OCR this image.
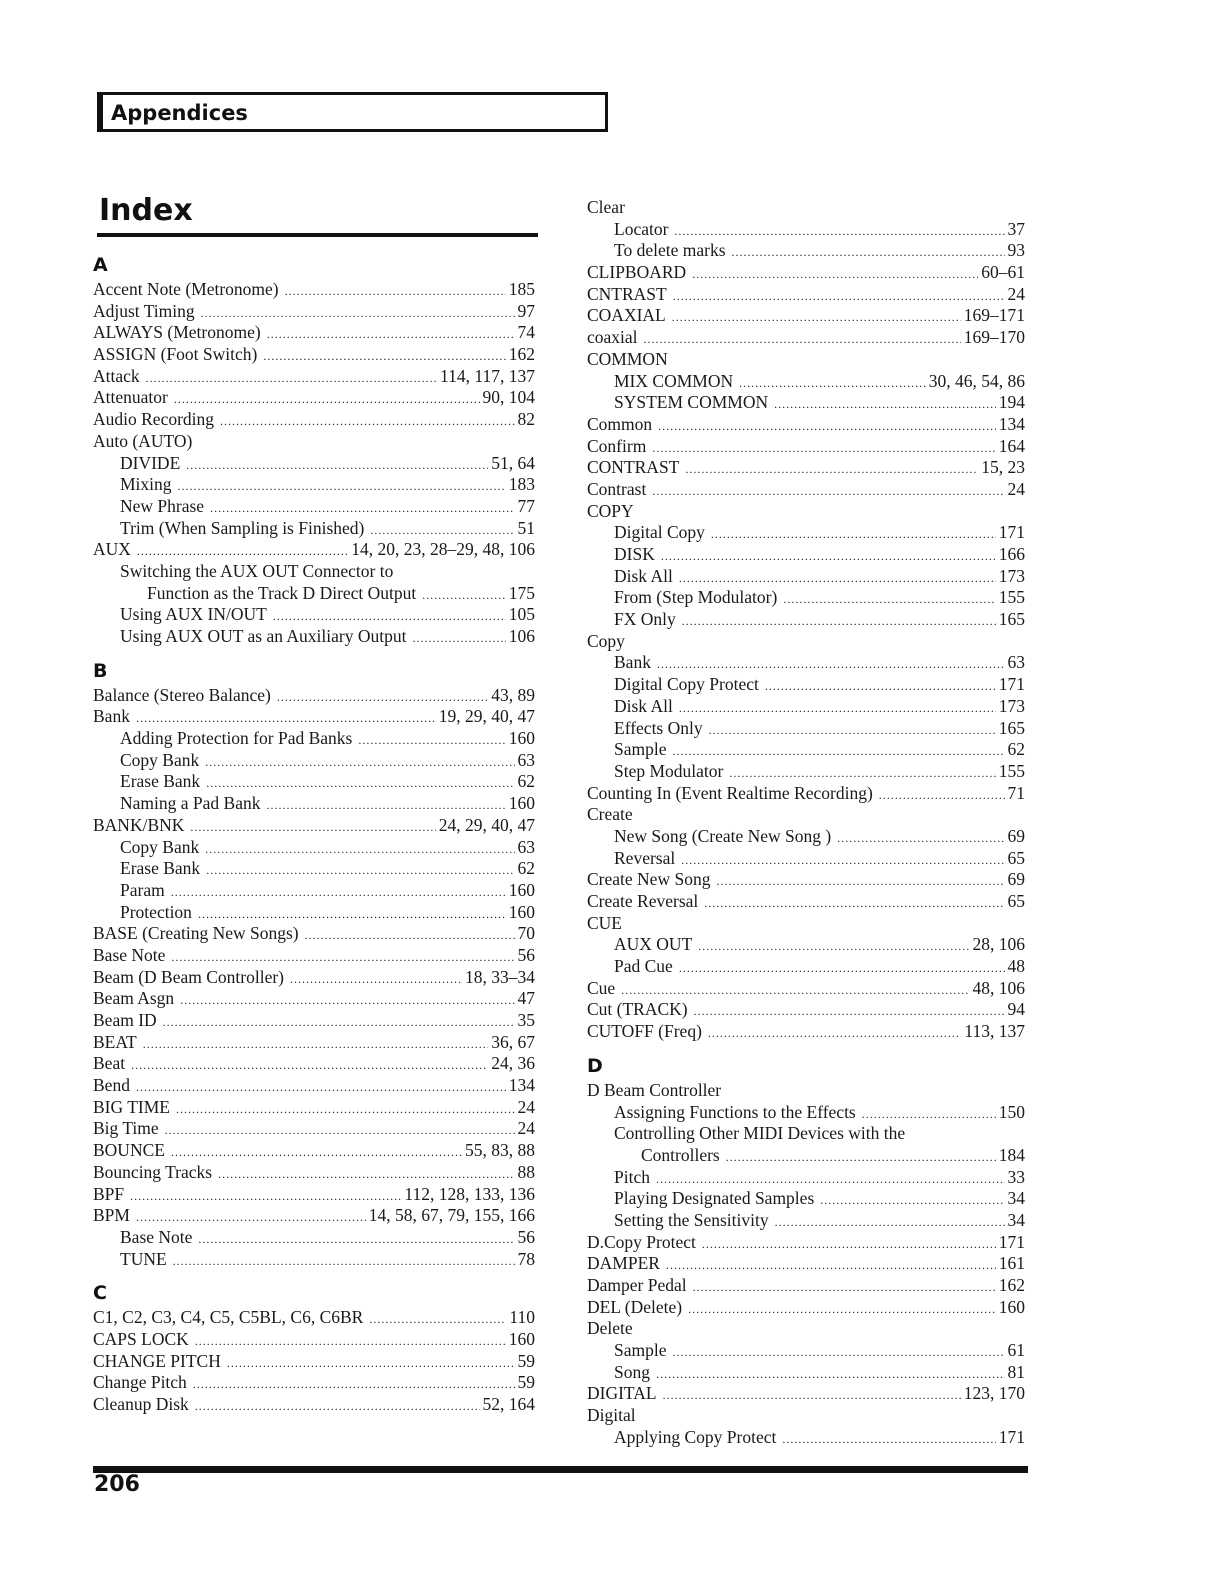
Appendices
Index
A
Accent Note (Metronome) .....	185
Adjust Timing .....	97
ALWAYS (Metronome) .....	74
ASSIGN (Foot Switch) .....	162
Attack .....	114, 117, 137
Attenuator .....	90, 104
Audio Recording .....	82
Auto (AUTO)
DIVIDE .....	51, 64
Mixing .....	183
New Phrase .....	77
Trim (When Sampling is Finished) .....	51
AUX .....	14, 20, 23, 28–29, 48, 106
Switching the AUX OUT Connector to
Function as the Track D Direct Output .....	175
Using AUX IN/OUT .....	105
Using AUX OUT as an Auxiliary Output .....	106
B
Balance (Stereo Balance) .....	43, 89
Bank .....	19, 29, 40, 47
Adding Protection for Pad Banks .....	160
Copy Bank .....	63
Erase Bank .....	62
Naming a Pad Bank .....	160
BANK/BNK .....	24, 29, 40, 47
Copy Bank .....	63
Erase Bank .....	62
Param .....	160
Protection .....	160
BASE (Creating New Songs) .....	70
Base Note .....	56
Beam (D Beam Controller) .....	18, 33–34
Beam Asgn .....	47
Beam ID .....	35
BEAT .....	36, 67
Beat .....	24, 36
Bend .....	134
BIG TIME .....	24
Big Time .....	24
BOUNCE .....	55, 83, 88
Bouncing Tracks .....	88
BPF .....	112, 128, 133, 136
BPM .....	14, 58, 67, 79, 155, 166
Base Note .....	56
TUNE .....	78
C
C1, C2, C3, C4, C5, C5BL, C6, C6BR .....	110
CAPS LOCK .....	160
CHANGE PITCH .....	59
Change Pitch .....	59
Cleanup Disk .....	52, 164
Clear
Locator .....	37
To delete marks .....	93
CLIPBOARD .....	60–61
CNTRAST .....	24
COAXIAL .....	169–171
coaxial .....	169–170
COMMON
MIX COMMON .....	30, 46, 54, 86
SYSTEM COMMON .....	194
Common .....	134
Confirm .....	164
CONTRAST .....	15, 23
Contrast .....	24
COPY
Digital Copy .....	171
DISK .....	166
Disk All .....	173
From (Step Modulator) .....	155
FX Only .....	165
Copy
Bank .....	63
Digital Copy Protect .....	171
Disk All .....	173
Effects Only .....	165
Sample .....	62
Step Modulator .....	155
Counting In (Event Realtime Recording) .....	71
Create
New Song (Create New Song ) .....	69
Reversal .....	65
Create New Song .....	69
Create Reversal .....	65
CUE
AUX OUT .....	28, 106
Pad Cue .....	48
Cue .....	48, 106
Cut (TRACK) .....	94
CUTOFF (Freq) .....	113, 137
D
D Beam Controller
Assigning Functions to the Effects .....	150
Controlling Other MIDI Devices with the
Controllers .....	184
Pitch .....	33
Playing Designated Samples .....	34
Setting the Sensitivity .....	34
D.Copy Protect .....	171
DAMPER .....	161
Damper Pedal .....	162
DEL (Delete) .....	160
Delete
Sample .....	61
Song .....	81
DIGITAL .....	123, 170
Digital
Applying Copy Protect .....	171
206
